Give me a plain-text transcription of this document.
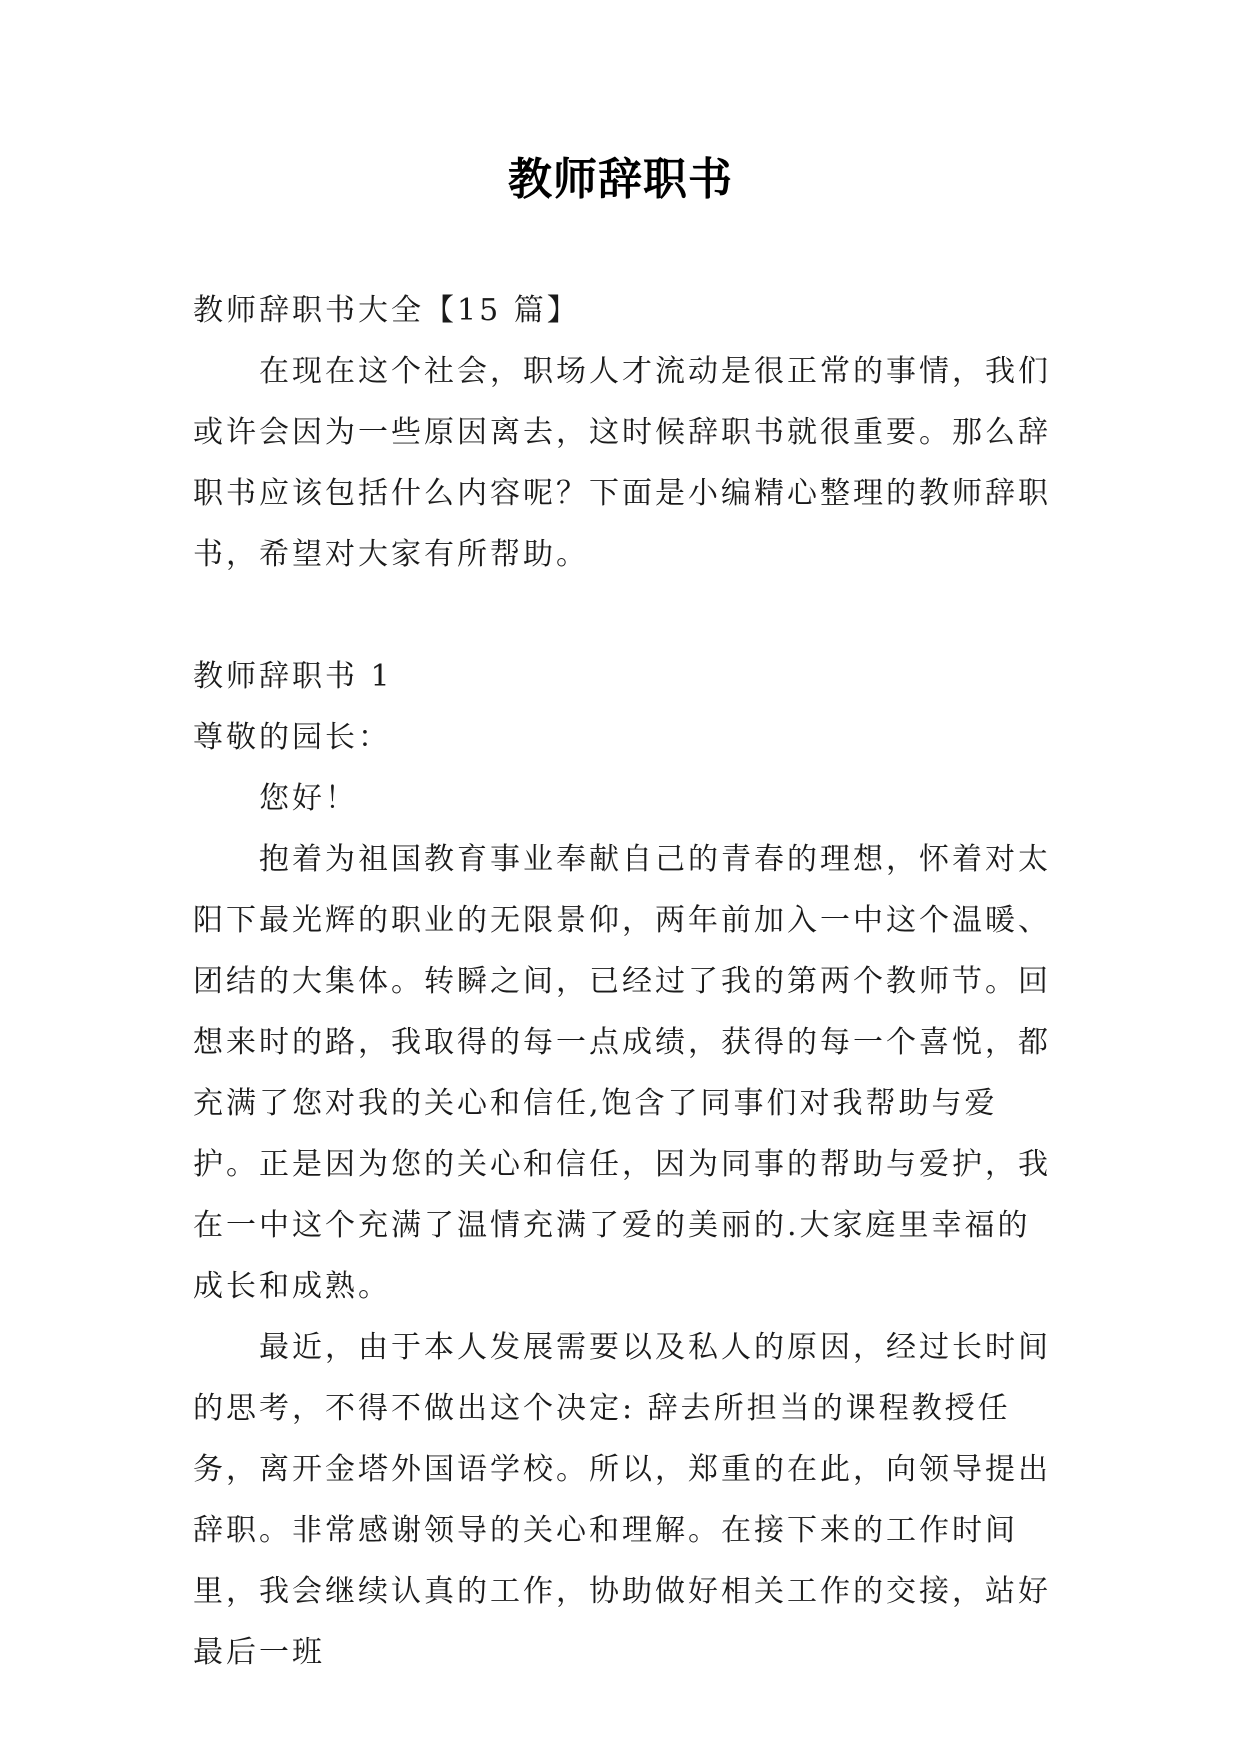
教师辞职书

教师辞职书大全【15 篇】

在现在这个社会，职场人才流动是很正常的事情，我们或许会因为一些原因离去，这时候辞职书就很重要。那么辞职书应该包括什么内容呢？下面是小编精心整理的教师辞职书，希望对大家有所帮助。

教师辞职书 1

尊敬的园长：

您好！

抱着为祖国教育事业奉献自己的青春的理想，怀着对太阳下最光辉的职业的无限景仰，两年前加入一中这个温暖、团结的大集体。转瞬之间，已经过了我的第两个教师节。回想来时的路，我取得的每一点成绩，获得的每一个喜悦，都充满了您对我的关心和信任,饱含了同事们对我帮助与爱护。正是因为您的关心和信任，因为同事的帮助与爱护，我在一中这个充满了温情充满了爱的美丽的.大家庭里幸福的成长和成熟。

最近，由于本人发展需要以及私人的原因，经过长时间的思考，不得不做出这个决定: 辞去所担当的课程教授任务，离开金塔外国语学校。所以，郑重的在此，向领导提出辞职。非常感谢领导的关心和理解。在接下来的工作时间里，我会继续认真的工作，协助做好相关工作的交接，站好最后一班
